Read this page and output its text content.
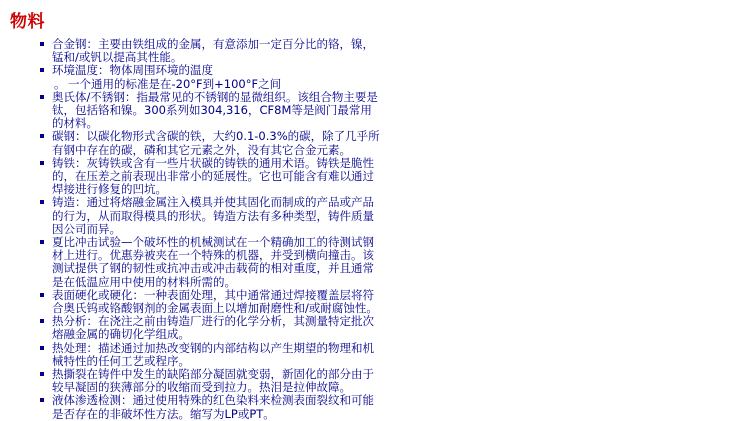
物料
合金钢：主要由铁组成的金属，有意添加一定百分比的铬，镍，锰和/或钒以提高其性能。
环境温度：物体周围环境的温度
。 一个通用的标准是在-20°F到+100°F之间
奥氏体/不锈钢：指最常见的不锈钢的显微组织。该组合物主要是钛，包括铬和镍。300系列如304,316，CF8M等是阀门最常用的材料。
碳钢：以碳化物形式含碳的铁，大约0.1-0.3%的碳，除了几乎所有钢中存在的碳，磷和其它元素之外，没有其它合金元素。
铸铁：灰铸铁或含有一些片状碳的铸铁的通用术语。铸铁是脆性的，在压差之前表现出非常小的延展性。它也可能含有难以通过焊接进行修复的凹坑。
铸造：通过将熔融金属注入模具并使其固化而制成的产品或产品的行为，从而取得模具的形状。铸造方法有多种类型，铸件质量因公司而异。
夏比冲击试验—个破坏性的机械测试在一个精确加工的待测试钢材上进行。优惠券被夹在一个特殊的机器，并受到横向撞击。该测试提供了钢的韧性或抗冲击或冲击载荷的相对重度，并且通常是在低温应用中使用的材料所需的。
表面硬化或硬化：一种表面处理，其中通常通过焊接覆盖层将符合奥氏钨或铬酸钢剂的金属表面上以增加耐磨性和/或耐腐蚀性。
热分析：在浇注之前由铸造厂进行的化学分析，其测量特定批次熔融金属的确切化学组成。
热处理：描述通过加热改变钢的内部结构以产生期望的物理和机械特性的任何工艺或程序。
热撕裂在铸件中发生的缺陷部分凝固就变弱，新固化的部分由于较早凝固的狭薄部分的收缩而受到拉力。热泪是拉伸故障。
液体渗透检测：通过使用特殊的红色染料来检测表面裂纹和可能是否存在的非破坏性方法。缩写为LP或PT。
